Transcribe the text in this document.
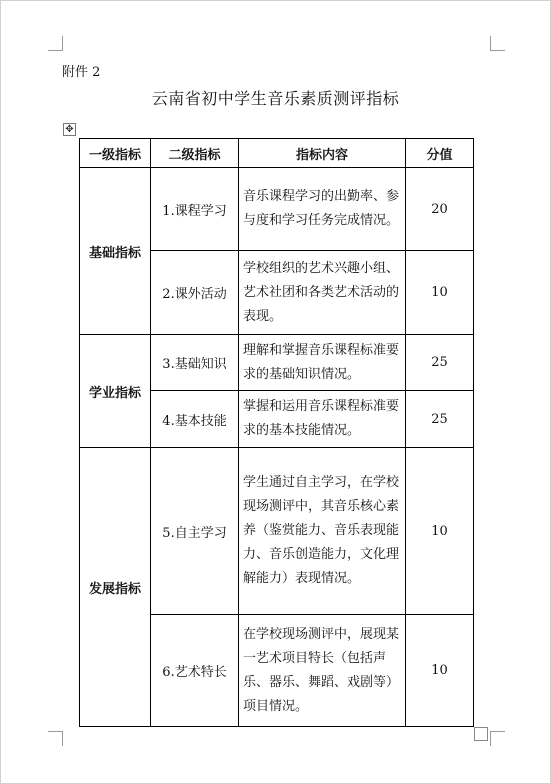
附件 2
云南省初中学生音乐素质测评指标
✥
一级指标	二级指标	指标内容	分值
基础指标	1.课程学习	音乐课程学习的出勤率、参与度和学习任务完成情况。	20
	2.课外活动	学校组织的艺术兴趣小组、艺术社团和各类艺术活动的表现。	10
学业指标	3.基础知识	理解和掌握音乐课程标准要求的基础知识情况。	25
	4.基本技能	掌握和运用音乐课程标准要求的基本技能情况。	25
发展指标	5.自主学习	学生通过自主学习，在学校现场测评中，其音乐核心素养（鉴赏能力、音乐表现能力、音乐创造能力，文化理解能力）表现情况。	10
	6.艺术特长	在学校现场测评中，展现某一艺术项目特长（包括声乐、器乐、舞蹈、戏剧等）项目情况。	10
